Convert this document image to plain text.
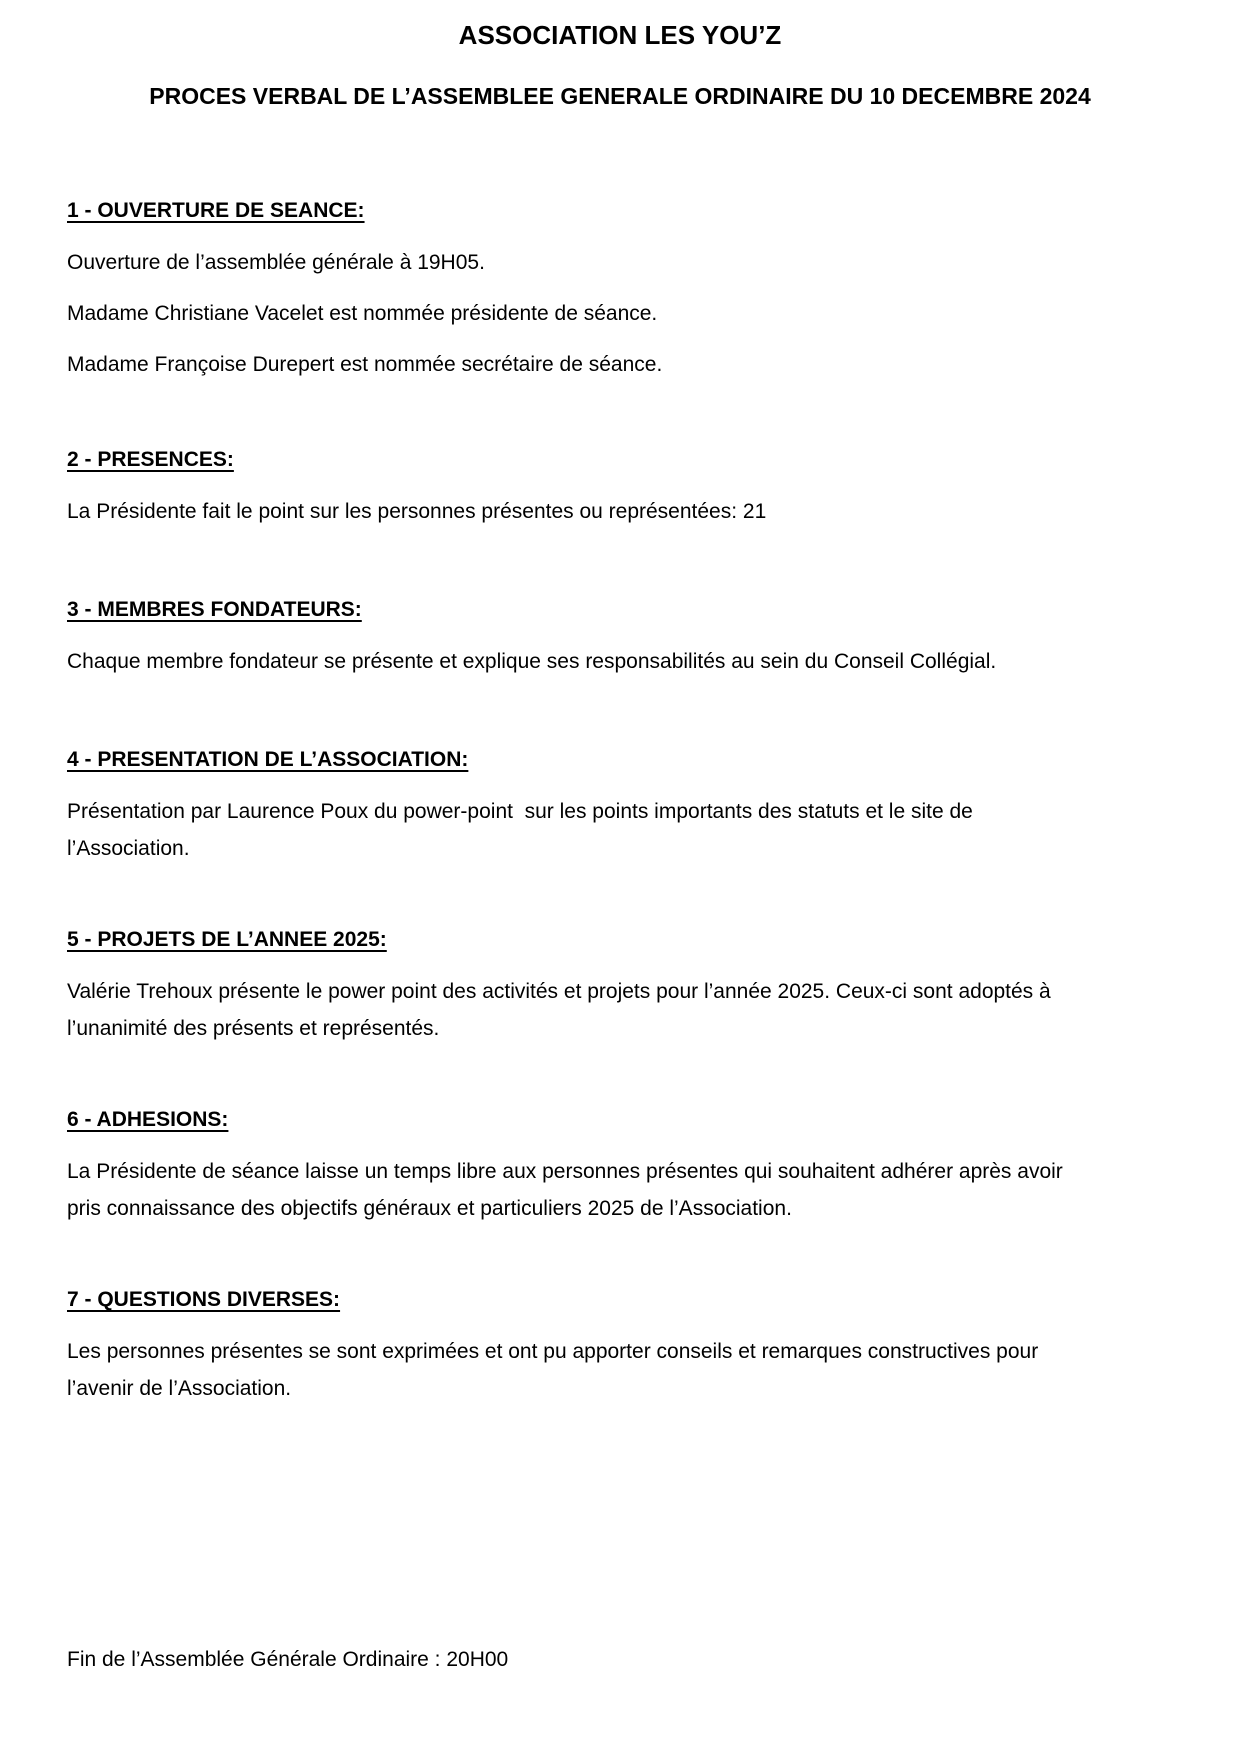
ASSOCIATION LES YOU’Z
PROCES VERBAL DE L’ASSEMBLEE GENERALE ORDINAIRE DU 10 DECEMBRE 2024
1 - OUVERTURE DE SEANCE:
Ouverture de l’assemblée générale à 19H05.
Madame Christiane Vacelet est nommée présidente de séance.
Madame Françoise Durepert est nommée secrétaire de séance.
2 - PRESENCES:
La Présidente fait le point sur les personnes présentes ou représentées: 21
3 - MEMBRES FONDATEURS:
Chaque membre fondateur se présente et explique ses responsabilités au sein du Conseil Collégial.
4 - PRESENTATION DE L’ASSOCIATION:
Présentation par Laurence Poux du power-point  sur les points importants des statuts et le site de
l’Association.
5 - PROJETS DE L’ANNEE 2025:
Valérie Trehoux présente le power point des activités et projets pour l’année 2025. Ceux-ci sont adoptés à
l’unanimité des présents et représentés.
6 - ADHESIONS:
La Présidente de séance laisse un temps libre aux personnes présentes qui souhaitent adhérer après avoir
pris connaissance des objectifs généraux et particuliers 2025 de l’Association.
7 - QUESTIONS DIVERSES:
Les personnes présentes se sont exprimées et ont pu apporter conseils et remarques constructives pour
l’avenir de l’Association.
Fin de l’Assemblée Générale Ordinaire : 20H00
